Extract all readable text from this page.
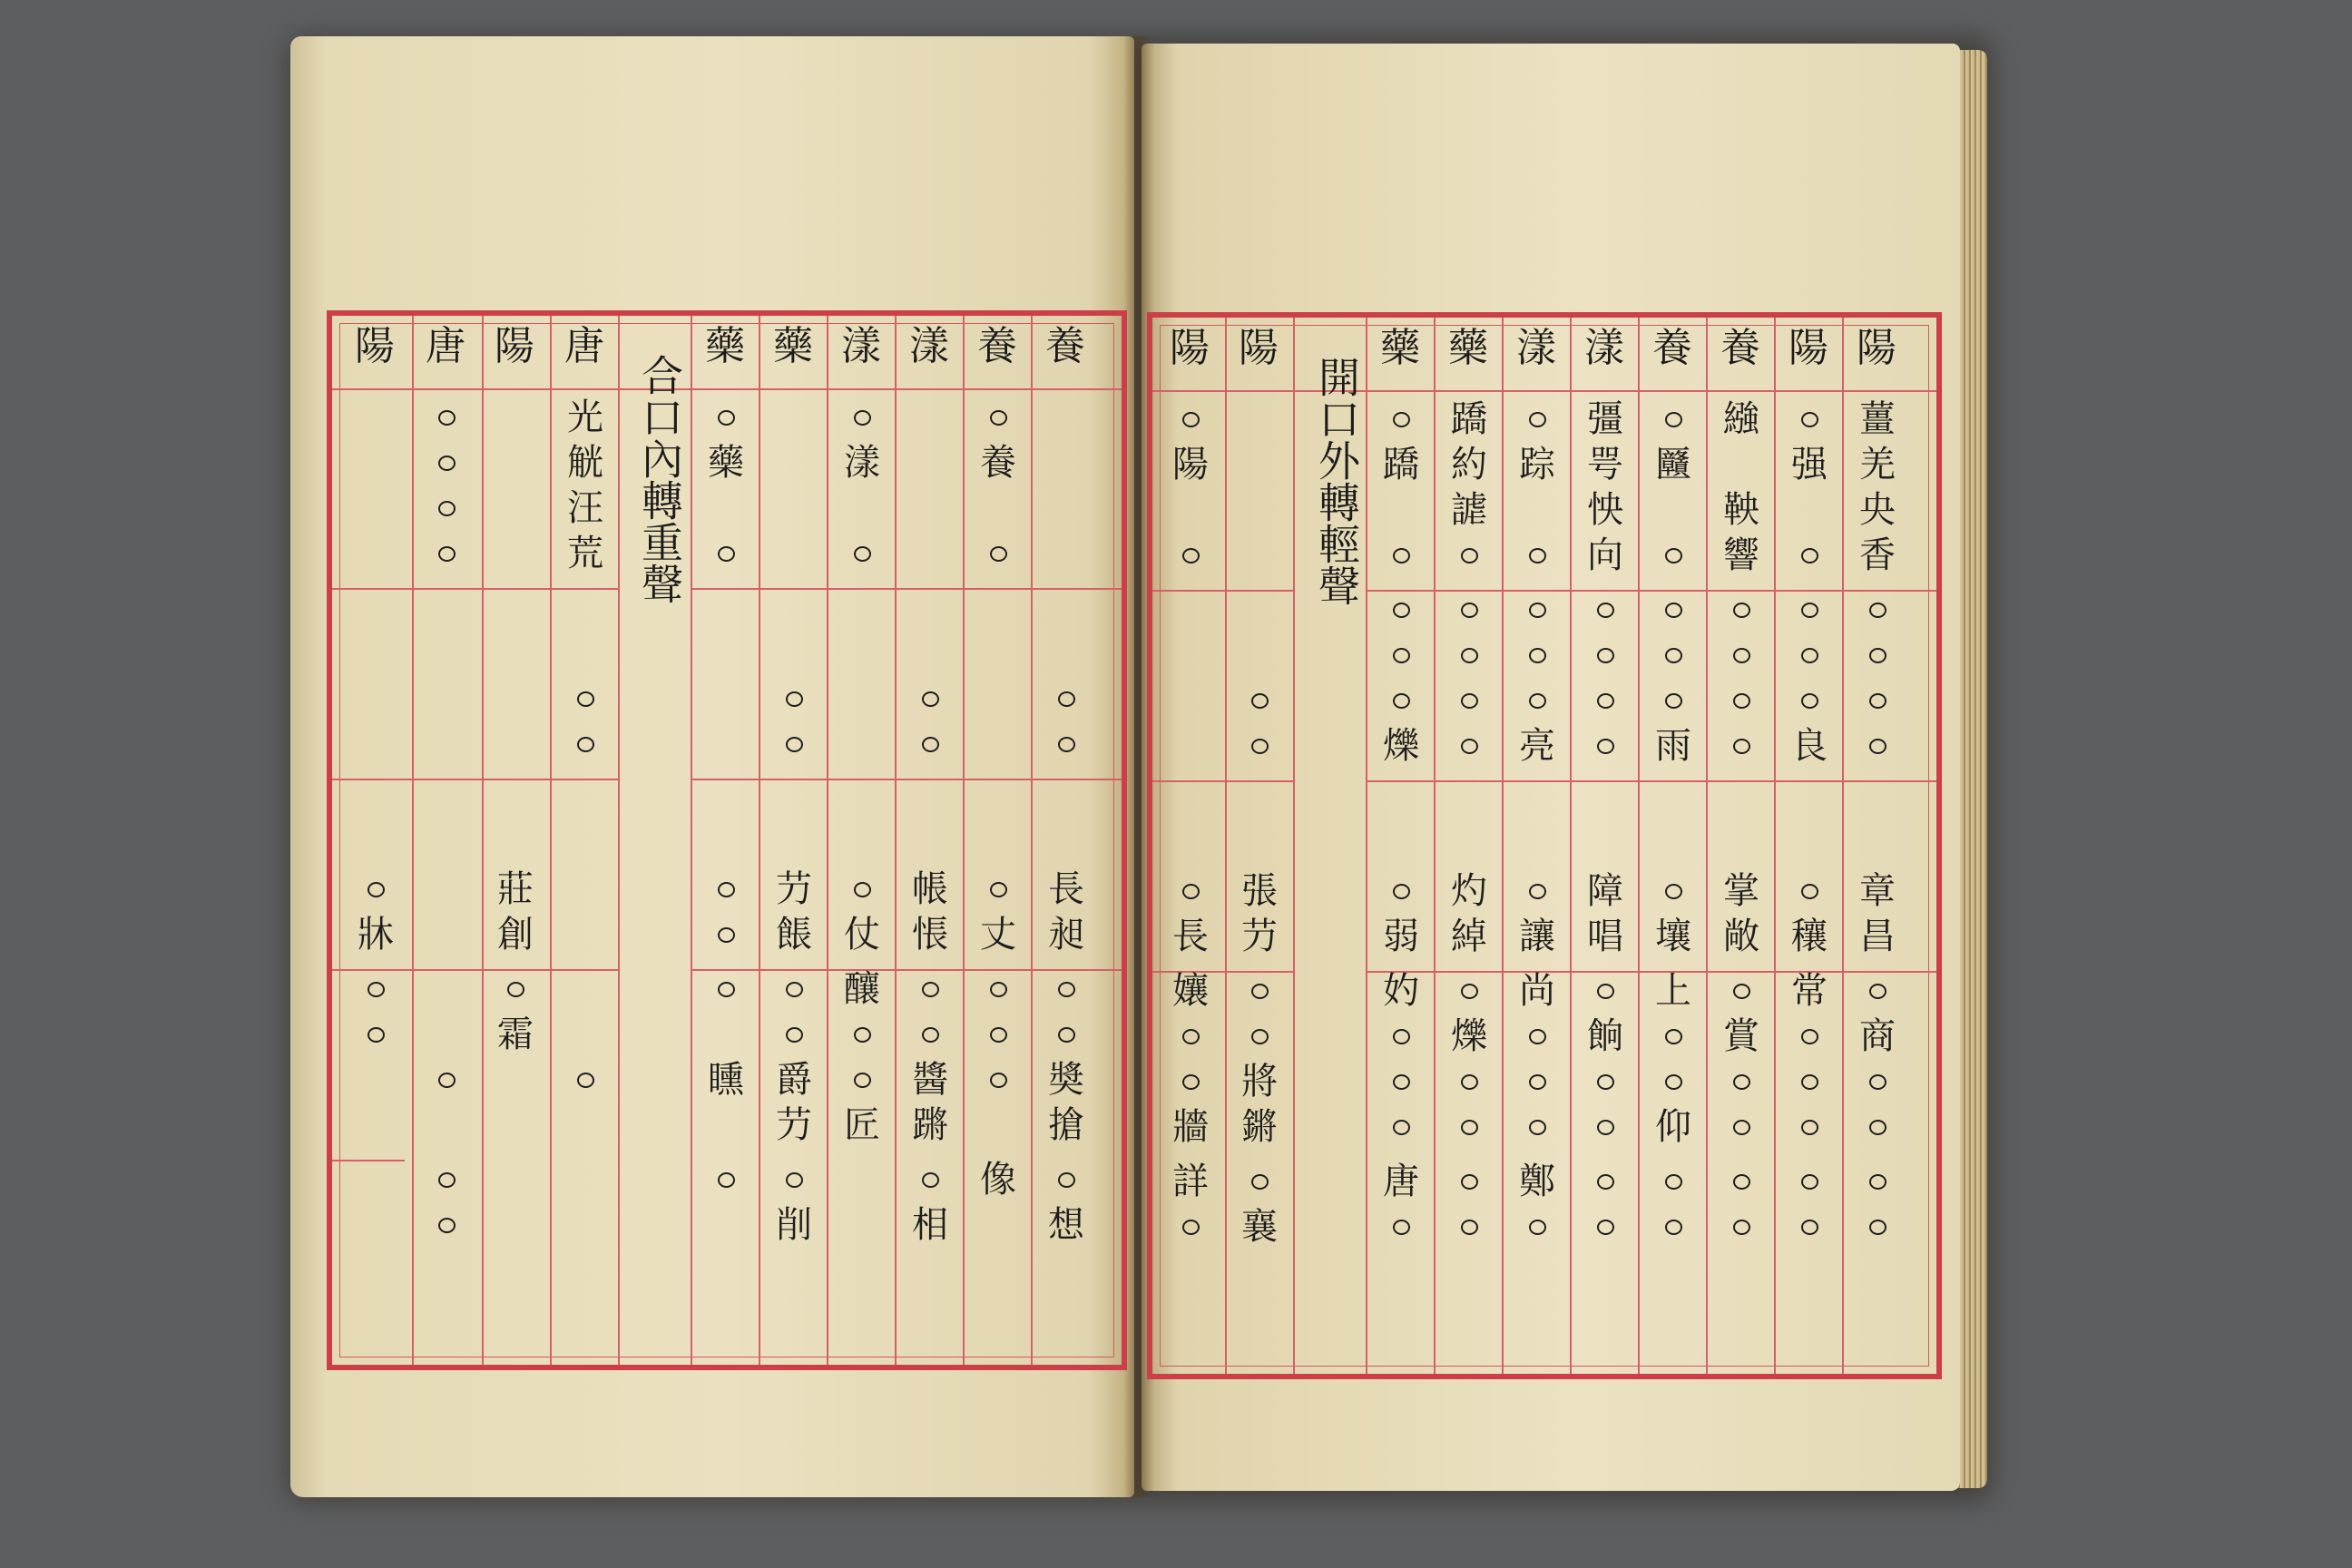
陽 唐 陽 唐
合口內轉重聲
藥 藥 漾 漾 養 養
牀
莊
創
霜
光
觥
汪
荒
藥
矄
芀
餦
爵
芀
削
漾
仗
釀
匠
帳
悵
醬
蹡
相
養
丈
像
長
昶
奬
搶
想
陽 陽
開口外轉輕聲
藥 藥 漾 漾 養 養 陽 陽
陽
長
孃
牆
詳
張
芀
將
鏘
襄
蹻
爍
弱
妁
唐
蹻
約
謔
灼
綽
爍
踪
亮
讓
尚
鄭
彊
咢
怏
向
障
唱
餉
㔶
雨
壤
上
仰
繈
鞅
響
掌
敞
賞
强
良
穰
常
薑
羌
央
香
章
昌
商
